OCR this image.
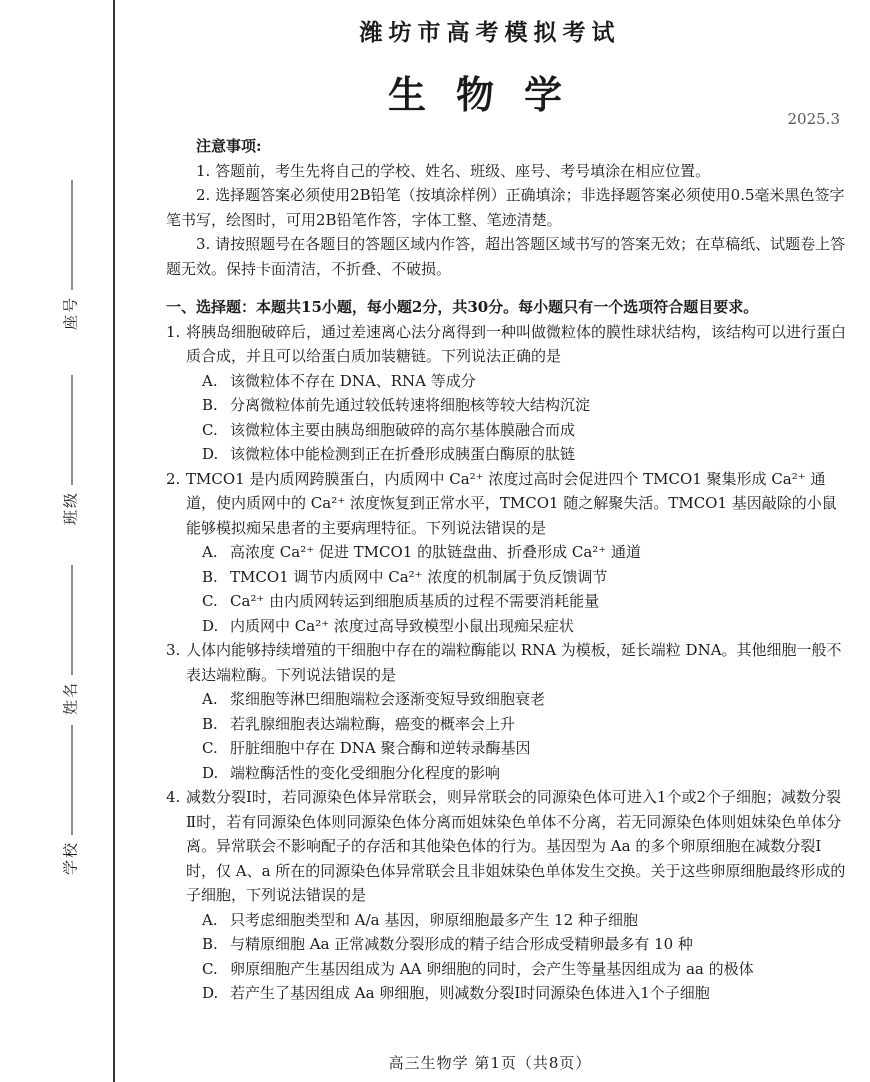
座号
班级
姓名
学校
潍坊市高考模拟考试
生物学
2025.3
注意事项:
1. 答题前，考生先将自己的学校、姓名、班级、座号、考号填涂在相应位置。
2. 选择题答案必须使用2B铅笔（按填涂样例）正确填涂；非选择题答案必须使用0.5毫米黑色签字笔书写，绘图时，可用2B铅笔作答，字体工整、笔迹清楚。
3. 请按照题号在各题目的答题区域内作答，超出答题区域书写的答案无效；在草稿纸、试题卷上答题无效。保持卡面清洁，不折叠、不破损。
一、选择题：本题共15小题，每小题2分，共30分。每小题只有一个选项符合题目要求。
1. 将胰岛细胞破碎后，通过差速离心法分离得到一种叫做微粒体的膜性球状结构，该结构可以进行蛋白质合成，并且可以给蛋白质加装糖链。下列说法正确的是
A. 该微粒体不存在 DNA、RNA 等成分
B. 分离微粒体前先通过较低转速将细胞核等较大结构沉淀
C. 该微粒体主要由胰岛细胞破碎的高尔基体膜融合而成
D. 该微粒体中能检测到正在折叠形成胰蛋白酶原的肽链
2. TMCO1 是内质网跨膜蛋白，内质网中 Ca²⁺ 浓度过高时会促进四个 TMCO1 聚集形成 Ca²⁺ 通道，使内质网中的 Ca²⁺ 浓度恢复到正常水平，TMCO1 随之解聚失活。TMCO1 基因敲除的小鼠能够模拟痴呆患者的主要病理特征。下列说法错误的是
A. 高浓度 Ca²⁺ 促进 TMCO1 的肽链盘曲、折叠形成 Ca²⁺ 通道
B. TMCO1 调节内质网中 Ca²⁺ 浓度的机制属于负反馈调节
C. Ca²⁺ 由内质网转运到细胞质基质的过程不需要消耗能量
D. 内质网中 Ca²⁺ 浓度过高导致模型小鼠出现痴呆症状
3. 人体内能够持续增殖的干细胞中存在的端粒酶能以 RNA 为模板，延长端粒 DNA。其他细胞一般不表达端粒酶。下列说法错误的是
A. 浆细胞等淋巴细胞端粒会逐渐变短导致细胞衰老
B. 若乳腺细胞表达端粒酶，癌变的概率会上升
C. 肝脏细胞中存在 DNA 聚合酶和逆转录酶基因
D. 端粒酶活性的变化受细胞分化程度的影响
4. 减数分裂Ⅰ时，若同源染色体异常联会，则异常联会的同源染色体可进入1个或2个子细胞；减数分裂Ⅱ时，若有同源染色体则同源染色体分离而姐妹染色单体不分离，若无同源染色体则姐妹染色单体分离。异常联会不影响配子的存活和其他染色体的行为。基因型为 Aa 的多个卵原细胞在减数分裂Ⅰ时，仅 A、a 所在的同源染色体异常联会且非姐妹染色单体发生交换。关于这些卵原细胞最终形成的子细胞，下列说法错误的是
A. 只考虑细胞类型和 A/a 基因，卵原细胞最多产生 12 种子细胞
B. 与精原细胞 Aa 正常减数分裂形成的精子结合形成受精卵最多有 10 种
C. 卵原细胞产生基因组成为 AA 卵细胞的同时，会产生等量基因组成为 aa 的极体
D. 若产生了基因组成 Aa 卵细胞，则减数分裂Ⅰ时同源染色体进入1个子细胞
高三生物学 第1页（共8页）
